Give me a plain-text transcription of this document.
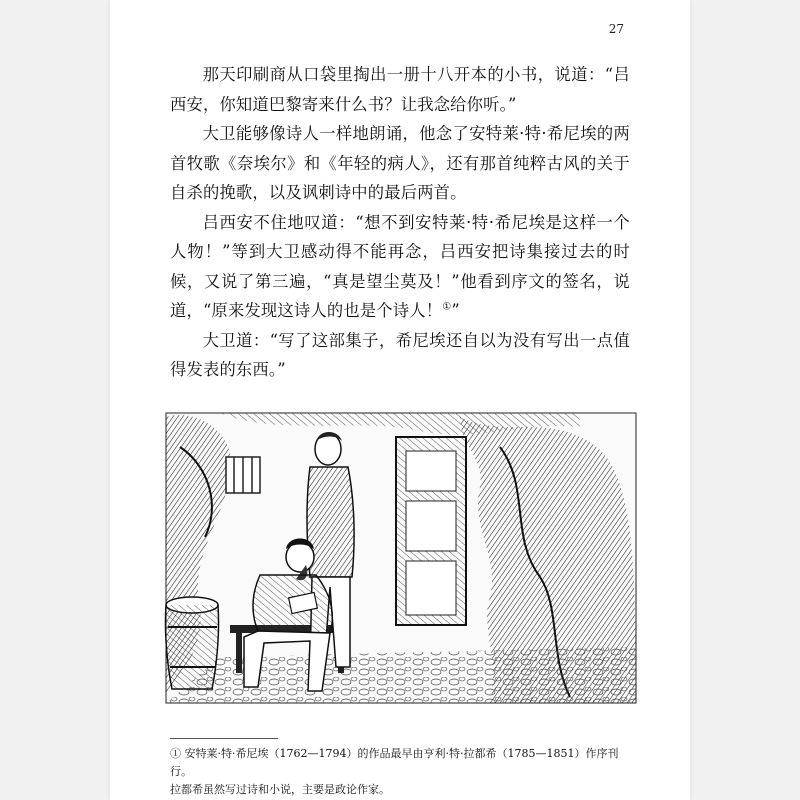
27

那天印刷商从口袋里掏出一册十八开本的小书，说道：“吕西安，你知道巴黎寄来什么书？让我念给你听。”

大卫能够像诗人一样地朗诵，他念了安特莱·特·希尼埃的两首牧歌《奈埃尔》和《年轻的病人》，还有那首纯粹古风的关于自杀的挽歌，以及讽刺诗中的最后两首。

吕西安不住地叹道：“想不到安特莱·特·希尼埃是这样一个人物！”等到大卫感动得不能再念，吕西安把诗集接过去的时候，又说了第三遍，“真是望尘莫及！”他看到序文的签名，说道，“原来发现这诗人的也是个诗人！①”

大卫道：“写了这部集子，希尼埃还自以为没有写出一点值得发表的东西。”

① 安特莱·特·希尼埃（1762—1794）的作品最早由亨利·特·拉都希（1785—1851）作序刊行。
拉都希虽然写过诗和小说，主要是政论作家。
